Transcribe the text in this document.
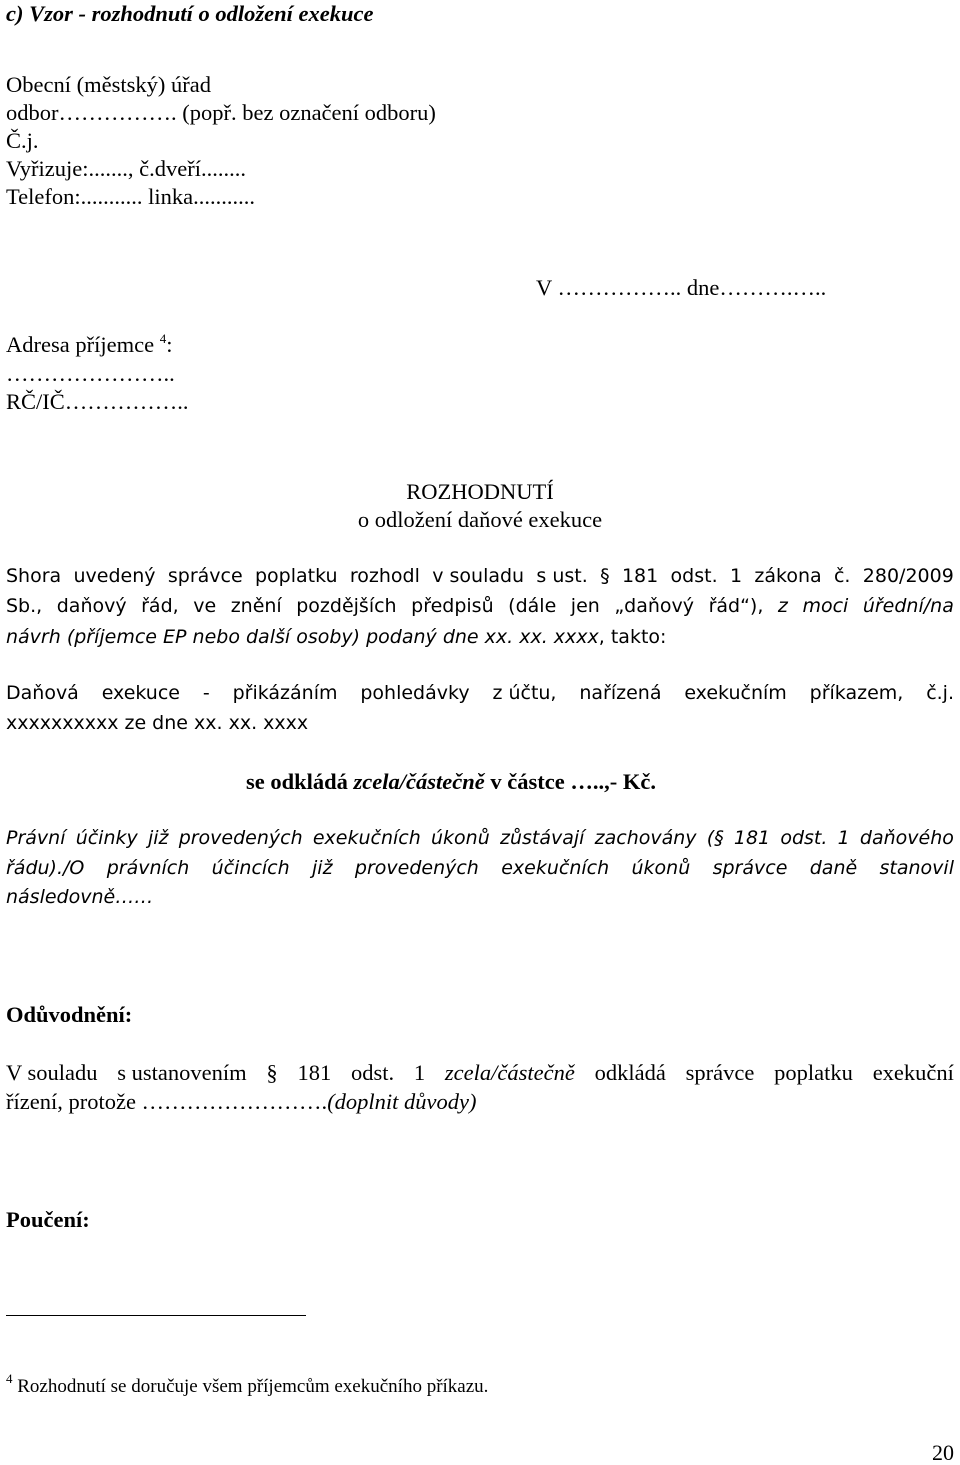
c) Vzor - rozhodnutí o odložení exekuce
Obecní (městský) úřad
odbor……………. (popř. bez označení odboru)
Č.j.
Vyřizuje:......., č.dveří........
Telefon:........... linka...........
V …………….. dne……….…..
Adresa příjemce $^4$:
…………………..
RČ/IČ……………..
ROZHODNUTÍ
o odložení daňové exekuce
Shora uvedený správce poplatku rozhodl v souladu s ust. § 181 odst. 1 zákona č. 280/2009
Sb., daňový řád, ve znění pozdějších předpisů (dále jen „daňový řád“), z moci úřední/na
návrh (příjemce EP nebo další osoby) podaný dne xx. xx. xxxx, takto:
Daňová exekuce - přikázáním pohledávky z účtu, nařízená exekučním příkazem, č.j.
xxxxxxxxxx ze dne xx. xx. xxxx
se odkládá zcela/částečně v částce …..,- Kč.
Právní účinky již provedených exekučních úkonů zůstávají zachovány (§ 181 odst. 1 daňového
řádu)./O právních účincích již provedených exekučních úkonů správce daně stanovil
následovně……
Odůvodnění:
V souladu s ustanovením § 181 odst. 1 zcela/částečně odkládá správce poplatku exekuční
řízení, protože …………………….(doplnit důvody)
Poučení:
$^4$ Rozhodnutí se doručuje všem příjemcům exekučního příkazu.
20
